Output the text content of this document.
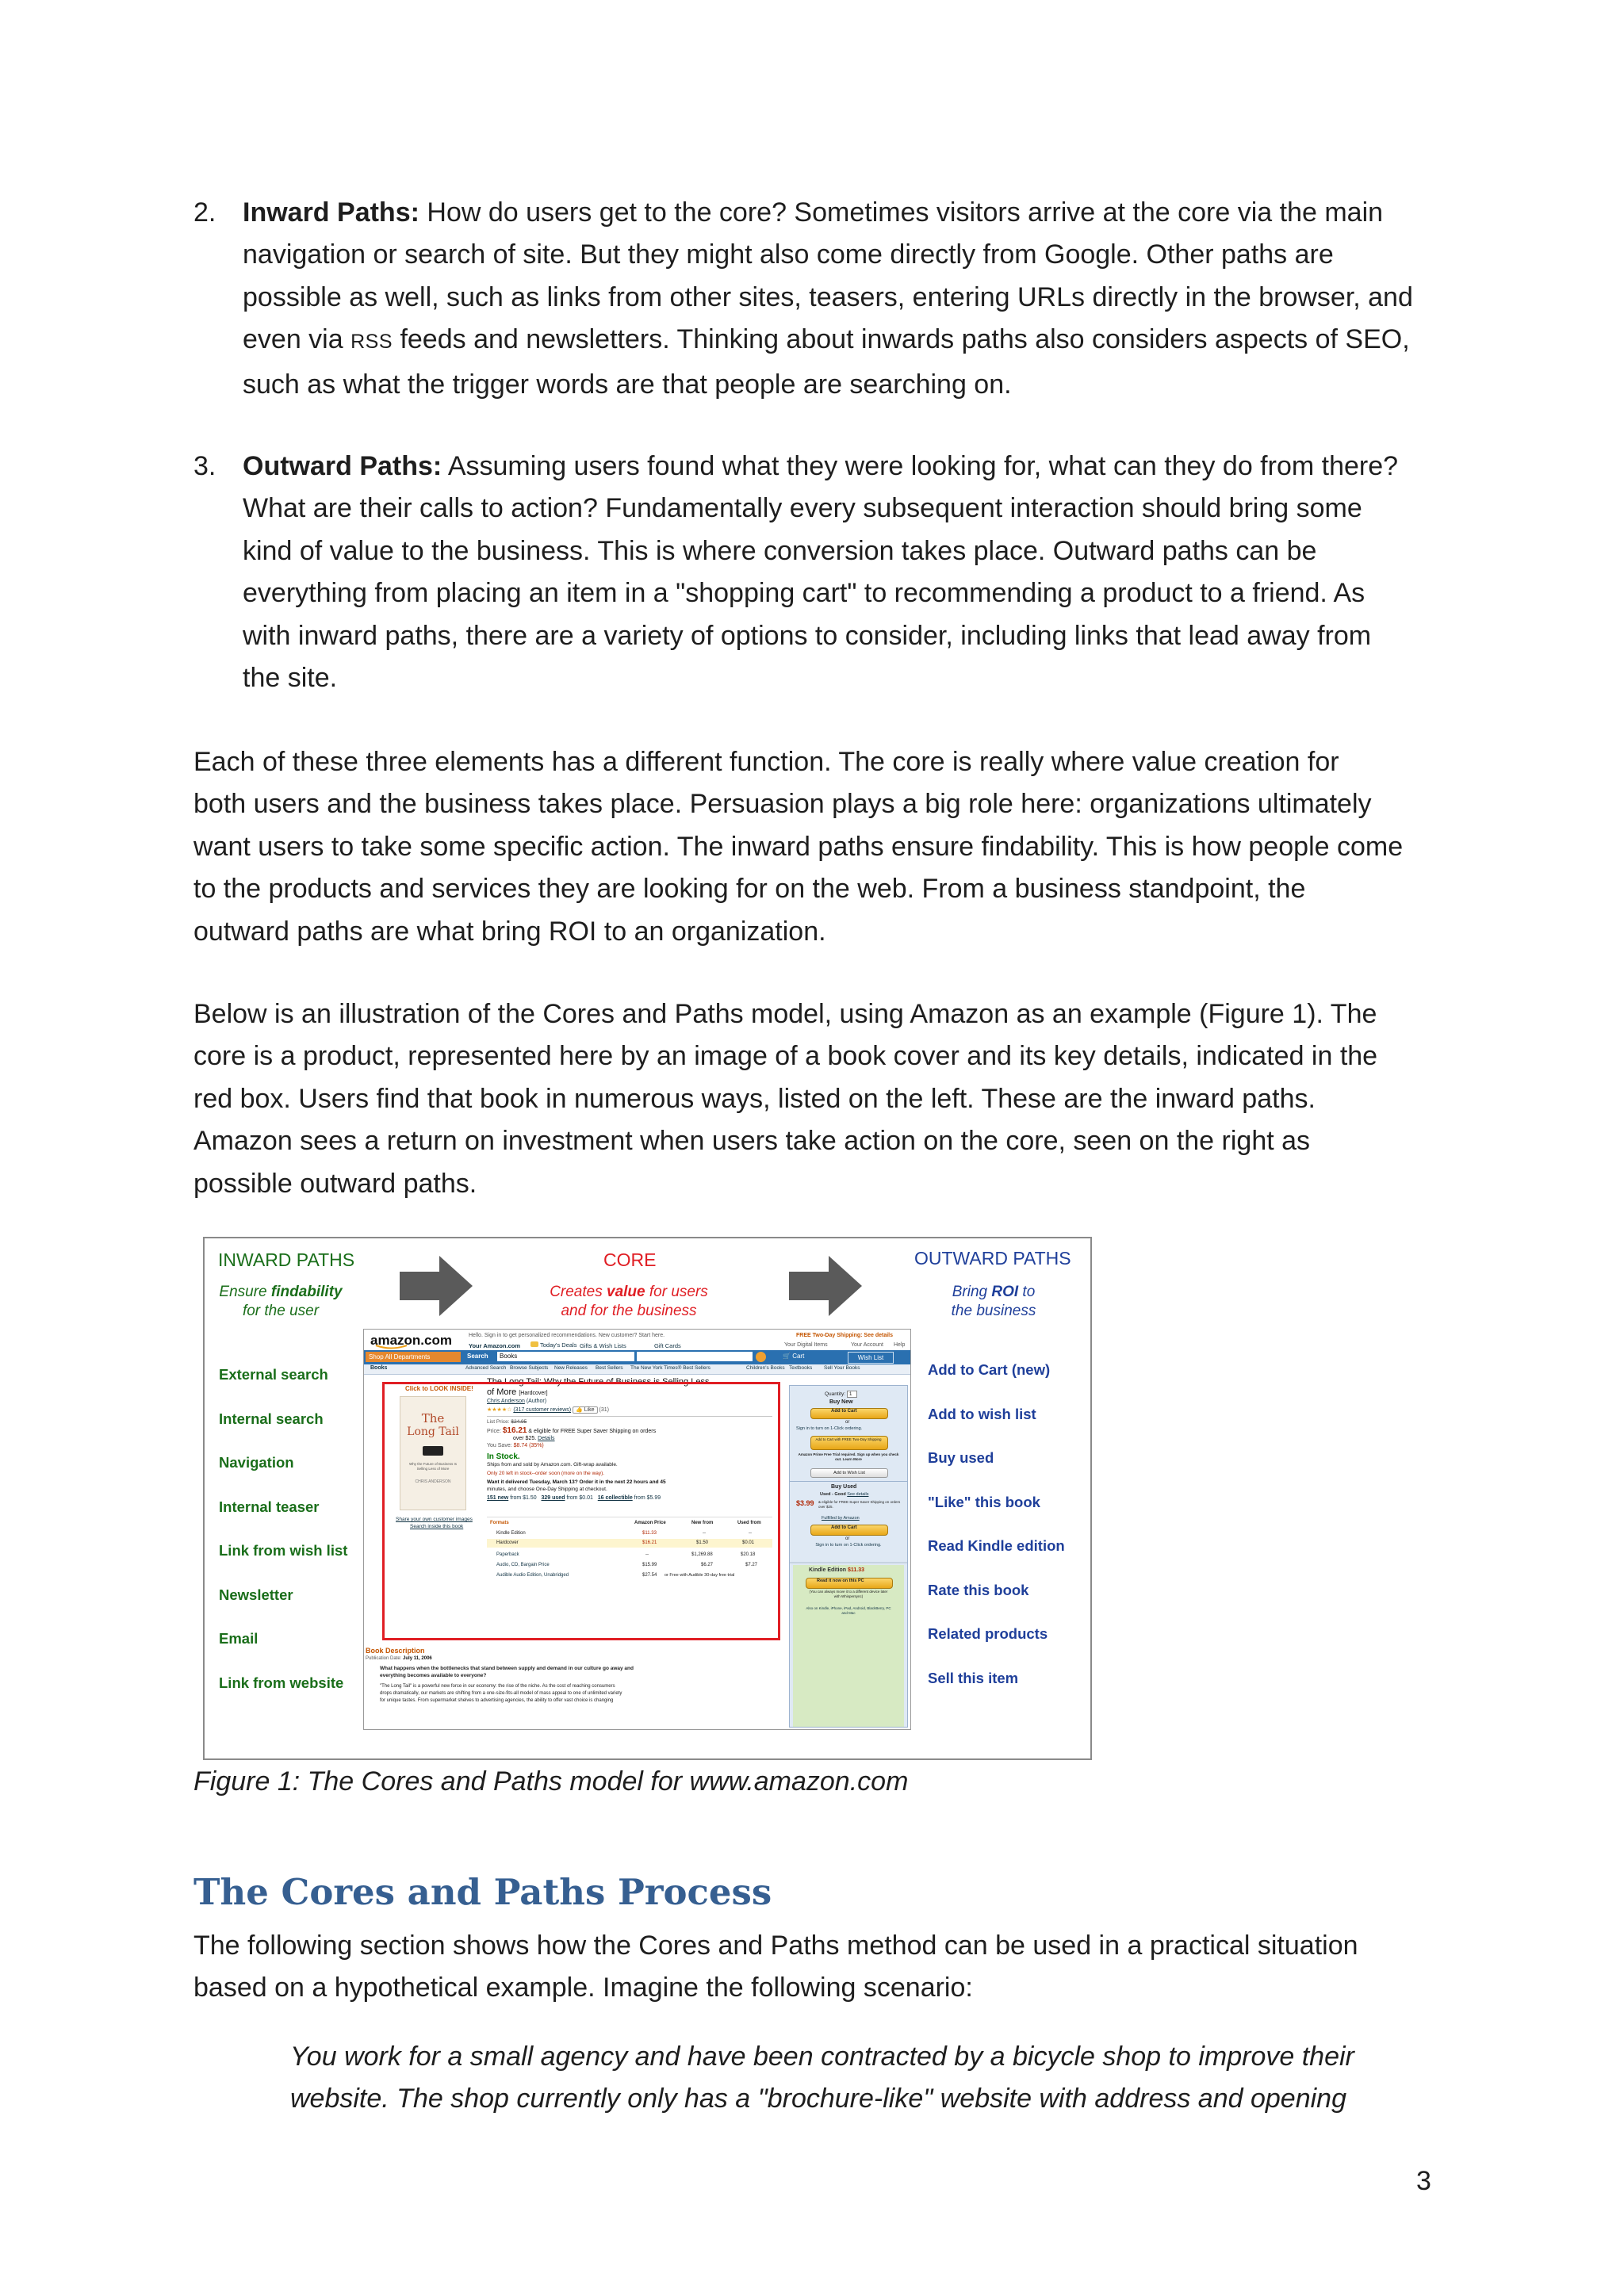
2. Inward Paths: How do users get to the core? Sometimes visitors arrive at the core via the main
navigation or search of site. But they might also come directly from Google. Other paths are
possible as well, such as links from other sites, teasers, entering URLs directly in the browser, and
even via RSS feeds and newsletters. Thinking about inwards paths also considers aspects of SEO,
such as what the trigger words are that people are searching on.
3. Outward Paths: Assuming users found what they were looking for, what can they do from there?
What are their calls to action? Fundamentally every subsequent interaction should bring some
kind of value to the business. This is where conversion takes place. Outward paths can be
everything from placing an item in a "shopping cart" to recommending a product to a friend. As
with inward paths, there are a variety of options to consider, including links that lead away from
the site.
Each of these three elements has a different function. The core is really where value creation for
both users and the business takes place. Persuasion plays a big role here: organizations ultimately
want users to take some specific action. The inward paths ensure findability. This is how people come
to the products and services they are looking for on the web. From a business standpoint, the
outward paths are what bring ROI to an organization.
Below is an illustration of the Cores and Paths model, using Amazon as an example (Figure 1). The
core is a product, represented here by an image of a book cover and its key details, indicated in the
red box. Users find that book in numerous ways, listed on the left. These are the inward paths.
Amazon sees a return on investment when users take action on the core, seen on the right as
possible outward paths.
INWARD PATHS
Ensure findability
for the user
CORE
Creates value for users
and for the business
OUTWARD PATHS
Bring ROI to
the business
External search
Internal search
Navigation
Internal teaser
Link from wish list
Newsletter
Email
Link from website
Add to Cart (new)
Add to wish list
Buy used
"Like" this book
Read Kindle edition
Rate this book
Related products
Sell this item
amazon.com	Hello. Sign in to get personalized recommendations. New customer? Start here.	FREE Two-Day Shipping: See details
Your Amazon.com	Today's Deals Gifts & Wish Lists	Gift Cards	Your Digital Items	Your Account Help
Shop All Departments	Search	Books	🛒 Cart	Wish List
Books	Advanced Search Browse Subjects New Releases Best Sellers The New York Times® Best Sellers	Children's Books Textbooks Sell Your Books
Click to LOOK INSIDE!
The
Long Tail
Why the Future of Business Is Selling Less of More
CHRIS ANDERSON
Share your own customer images
Search inside this book
The Long Tail: Why the Future of Business is Selling Less
of More [Hardcover]
Chris Anderson (Author)
★★★★☆ (317 customer reviews) 👍 Like (31)
List Price: $24.95
Price: $16.21 & eligible for FREE Super Saver Shipping on orders
over $25. Details
You Save: $8.74 (35%)
In Stock.
Ships from and sold by Amazon.com. Gift-wrap available.
Only 20 left in stock--order soon (more on the way).
Want it delivered Tuesday, March 13? Order it in the next 22 hours and 45
minutes, and choose One-Day Shipping at checkout.
151 new from $1.50 329 used from $0.01 16 collectible from $5.99
Formats	Amazon Price	New from	Used from
Kindle Edition	$11.33	--	--
Hardcover	$16.21	$1.50	$0.01
Paperback	--	$1,269.88	$20.18
Audio, CD, Bargain Price	$15.99	$6.27	$7.27
Audible Audio Edition, Unabridged	$27.54 or Free with Audible 30-day free trial
Quantity: 1
Buy New
Add to Cart
or
Sign in to turn on 1-Click ordering.
Add to Cart with FREE Two-Day Shipping
Amazon Prime Free Trial required. Sign up when you check out. Learn More
Add to Wish List
Buy Used
Used - Good See details
$3.99 & eligible for FREE Super Saver Shipping on orders over $25.
Fulfilled by Amazon
Add to Cart
or
Sign in to turn on 1-Click ordering.
Kindle Edition $11.33
Read it now on this PC
(You can always move it to a different device later with Whispersync)
Also on Kindle, iPhone, iPad, Android, BlackBerry, PC and Mac
Book Description
Publication Date: July 11, 2006
What happens when the bottlenecks that stand between supply and demand in our culture go away and
everything becomes available to everyone?
"The Long Tail" is a powerful new force in our economy: the rise of the niche. As the cost of reaching consumers
drops dramatically, our markets are shifting from a one-size-fits-all model of mass appeal to one of unlimited variety
for unique tastes. From supermarket shelves to advertising agencies, the ability to offer vast choice is changing
Figure 1: The Cores and Paths model for www.amazon.com
The Cores and Paths Process
The following section shows how the Cores and Paths method can be used in a practical situation
based on a hypothetical example. Imagine the following scenario:
You work for a small agency and have been contracted by a bicycle shop to improve their
website. The shop currently only has a "brochure-like" website with address and opening
3
